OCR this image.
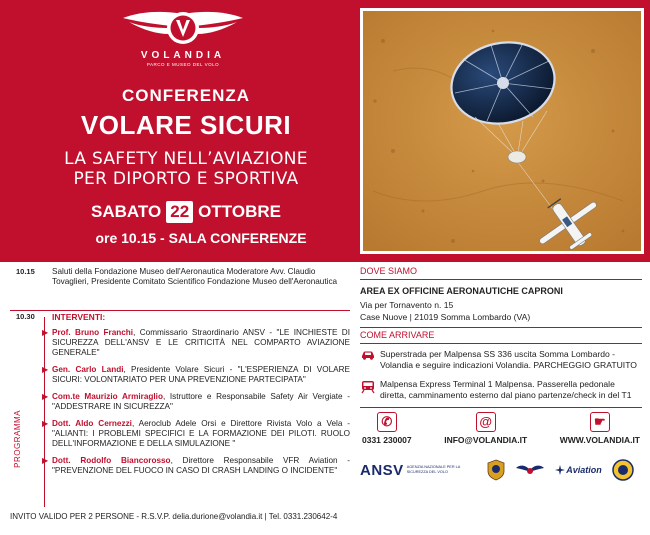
VOLANDIA
PARCO E MUSEO DEL VOLO
CONFERENZA
VOLARE SICURI
LA SAFETY NELL’AVIAZIONE
PER DIPORTO E SPORTIVA
SABATO 22 OTTOBRE
ore 10.15 - SALA CONFERENZE
10.15 Saluti della Fondazione Museo dell'Aeronautica Moderatore Avv. Claudio Tovaglieri, Presidente Comitato Scientifico Fondazione Museo dell'Aeronautica
PROGRAMMA
10.30 INTERVENTI:
▶ Prof. Bruno Franchi, Commissario Straordinario ANSV - "LE INCHIESTE DI SICUREZZA DELL'ANSV E LE CRITICITÀ NEL COMPARTO AVIAZIONE GENERALE"
▶ Gen. Carlo Landi, Presidente Volare Sicuri - "L'ESPERIENZA DI VOLARE SICURI: VOLONTARIATO PER UNA PREVENZIONE PARTECIPATA"
▶ Com.te Maurizio Armiraglio, Istruttore e Responsabile Safety Air Vergiate - "ADDESTRARE IN SICUREZZA"
▶ Dott. Aldo Cernezzi, Aeroclub Adele Orsi e Direttore Rivista Volo a Vela - "ALIANTI: I PROBLEMI SPECIFICI E LA FORMAZIONE DEI PILOTI. RUOLO DELL'INFORMAZIONE E DELLA SIMULAZIONE "
▶ Dott. Rodolfo Biancorosso, Direttore Responsabile VFR Aviation - "PREVENZIONE DEL FUOCO IN CASO DI CRASH LANDING O INCIDENTE"
INVITO VALIDO PER 2 PERSONE - R.S.V.P. delia.durione@volandia.it | Tel. 0331.230642-4
DOVE SIAMO
AREA EX OFFICINE AERONAUTICHE CAPRONI
Via per Tornavento n. 15
Case Nuove | 21019 Somma Lombardo (VA)
COME ARRIVARE
Superstrada per Malpensa SS 336 uscita Somma Lombardo - Volandia e seguire indicazioni Volandia. PARCHEGGIO GRATUITO
Malpensa Express Terminal 1 Malpensa. Passerella pedonale diretta, camminamento esterno dal piano partenze/check in del T1
✆
0331 230007
@
INFO@VOLANDIA.IT
☛
WWW.VOLANDIA.IT
ANSV AGENZIA NAZIONALE PER LA SICUREZZA DEL VOLO	Aviation
